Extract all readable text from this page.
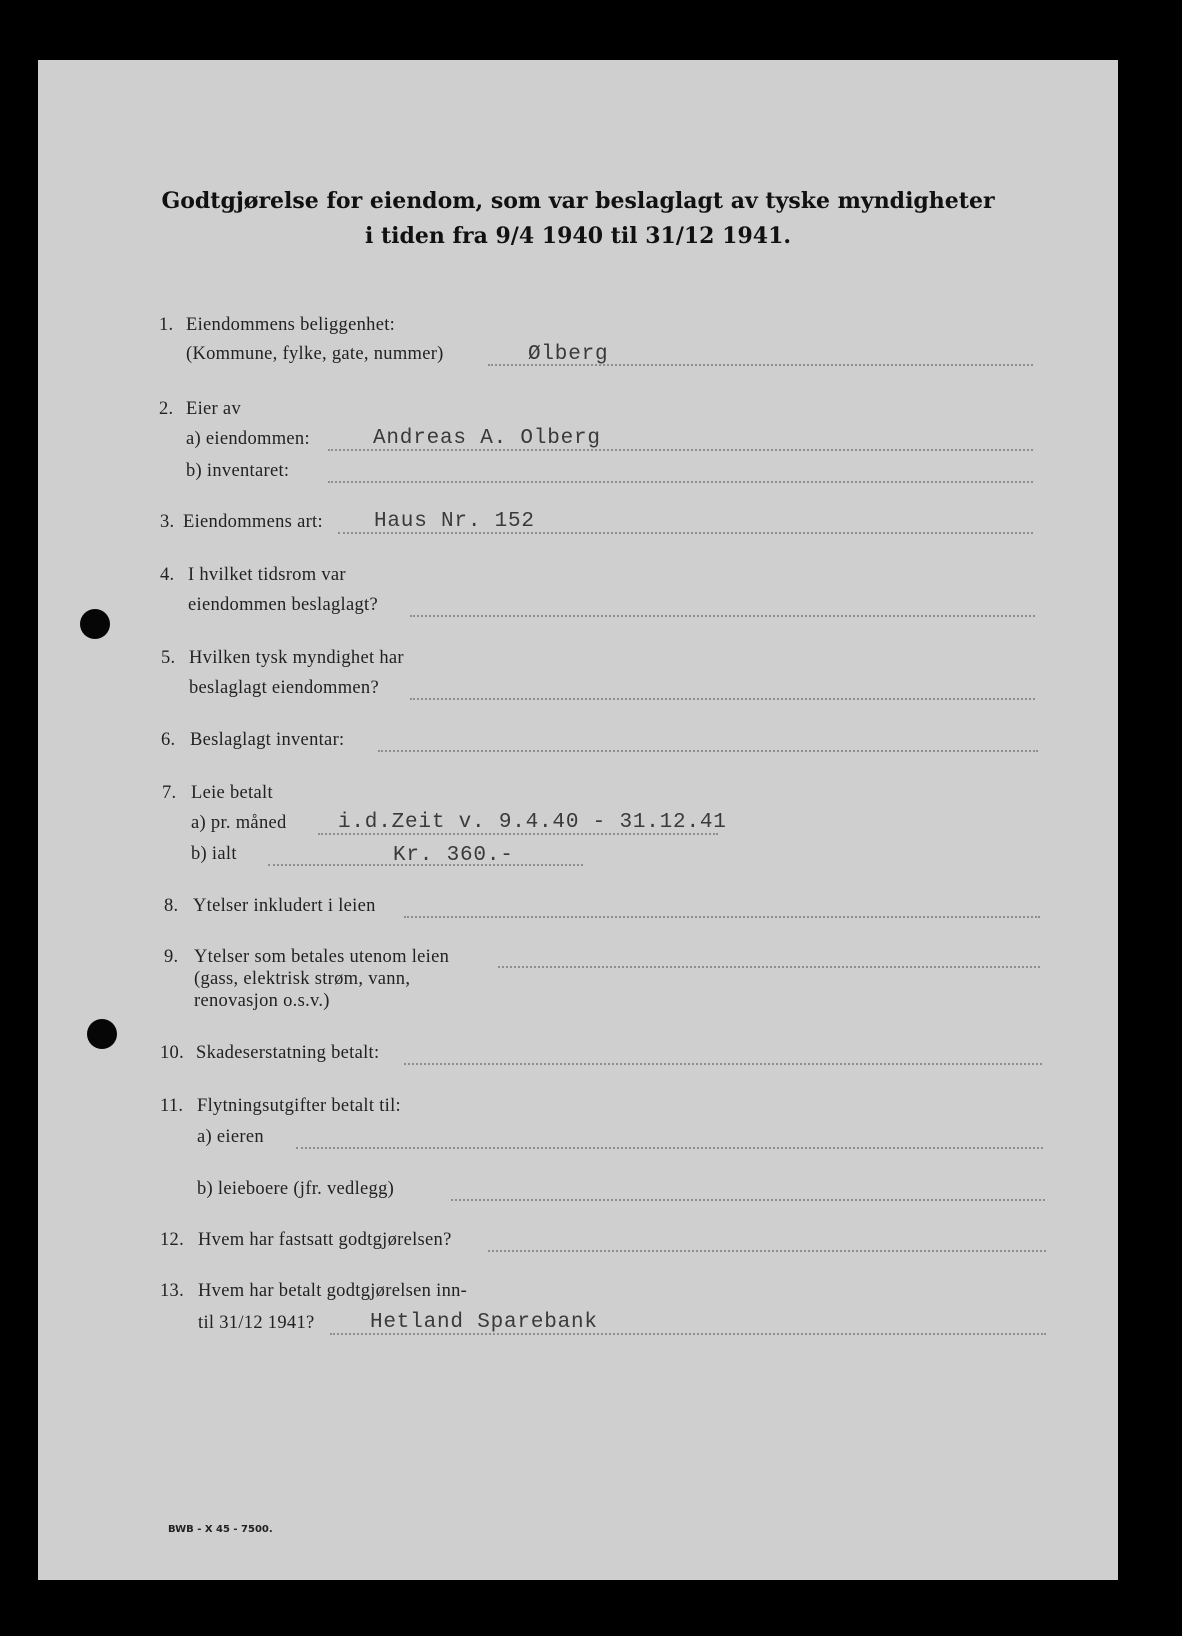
Godtgjørelse for eiendom, som var beslaglagt av tyske myndigheter
i tiden fra 9/4 1940 til 31/12 1941.
1. Eiendommens beliggenhet:
(Kommune, fylke, gate, nummer)	Ølberg
2. Eier av
a) eiendommen:	Andreas A. Olberg
b) inventaret:
3. Eiendommens art: Haus Nr. 152
4. I hvilket tidsrom var
eiendommen beslaglagt?
5. Hvilken tysk myndighet har
beslaglagt eiendommen?
6. Beslaglagt inventar:
7. Leie betalt
a) pr. måned i.d.Zeit v. 9.4.40 - 31.12.41
b) ialt	Kr. 360.-
8. Ytelser inkludert i leien
9. Ytelser som betales utenom leien
(gass, elektrisk strøm, vann,
renovasjon o.s.v.)
10. Skadeserstatning betalt:
11. Flytningsutgifter betalt til:
a) eieren
b) leieboere (jfr. vedlegg)
12. Hvem har fastsatt godtgjørelsen?
13. Hvem har betalt godtgjørelsen inn-
til 31/12 1941?	Hetland Sparebank
BWB - X 45 - 7500.
